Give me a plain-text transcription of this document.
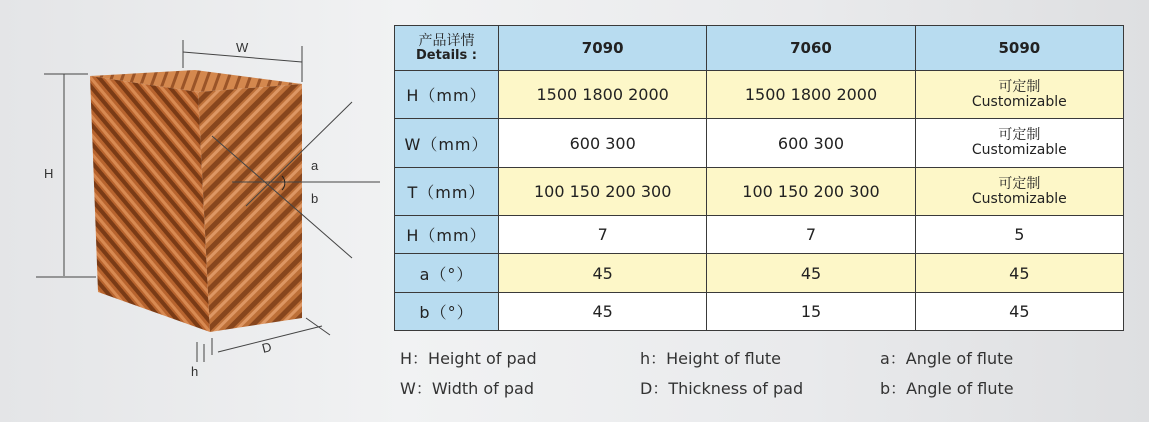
W
H
a
b
D
h
产品详情
Details :	7090	7060	5090
H（mm）	1500 1800 2000	1500 1800 2000	可定制
Customizable

W（mm）	600 300	600 300	可定制
Customizable

T（mm）	100 150 200 300	100 150 200 300	可定制
Customizable

H（mm）	7	7	5
a（°）	45	45	45
b（°）	45	15	45
H：Height of pad	h：Height of flute	a：Angle of flute
W：Width of pad	D：Thickness of pad	b：Angle of flute
